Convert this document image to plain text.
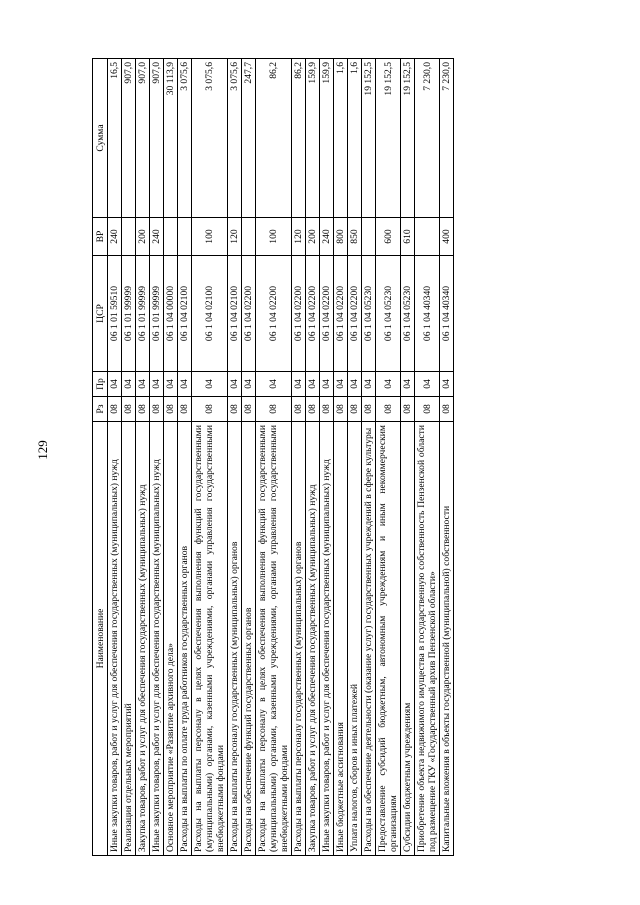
129
Наименование	Рз	Пр	ЦСР	ВР	Сумма
Иные закупки товаров, работ и услуг для обеспечения государственных (муниципальных) нужд	08	04	06 1 01 59510	240	16,5
Реализация отдельных мероприятий	08	04	06 1 01 99999		907,0
Закупка товаров, работ и услуг для обеспечения государственных (муниципальных) нужд	08	04	06 1 01 99999	200	907,0
Иные закупки товаров, работ и услуг для обеспечения государственных (муниципальных) нужд	08	04	06 1 01 99999	240	907,0
Основное мероприятие «Развитие архивного дела»	08	04	06 1 04 00000		30 113,9
Расходы на выплаты по оплате труда работников государственных органов	08	04	06 1 04 02100		3 075,6
Расходы на выплаты персоналу в целях обеспечения выполнения функций государственными (муниципальными) органами, казенными учреждениями, органами управления государственными внебюджетными фондами	08	04	06 1 04 02100	100	3 075,6
Расходы на выплаты персоналу государственных (муниципальных) органов	08	04	06 1 04 02100	120	3 075,6
Расходы на обеспечение функций государственных органов	08	04	06 1 04 02200		247,7
Расходы на выплаты персоналу в целях обеспечения выполнения функций государственными (муниципальными) органами, казенными учреждениями, органами управления государственными внебюджетными фондами	08	04	06 1 04 02200	100	86,2
Расходы на выплаты персоналу государственных (муниципальных) органов	08	04	06 1 04 02200	120	86,2
Закупка товаров, работ и услуг для обеспечения государственных (муниципальных) нужд	08	04	06 1 04 02200	200	159,9
Иные закупки товаров, работ и услуг для обеспечения государственных (муниципальных) нужд	08	04	06 1 04 02200	240	159,9
Иные бюджетные ассигнования	08	04	06 1 04 02200	800	1,6
Уплата налогов, сборов и иных платежей	08	04	06 1 04 02200	850	1,6
Расходы на обеспечение деятельности (оказание услуг) государственных учреждений в сфере культуры	08	04	06 1 04 05230		19 152,5
Предоставление субсидий бюджетным, автономным учреждениям и иным некоммерческим организациям	08	04	06 1 04 05230	600	19 152,5
Субсидии бюджетным учреждениям	08	04	06 1 04 05230	610	19 152,5
Приобретение объекта недвижимого имущества в государственную собственность Пензенской области под размещение ГКУ «Государственный архив Пензенской области»	08	04	06 1 04 40340		7 230,0
Капитальные вложения в объекты государственной (муниципальной) собственности	08	04	06 1 04 40340	400	7 230,0
